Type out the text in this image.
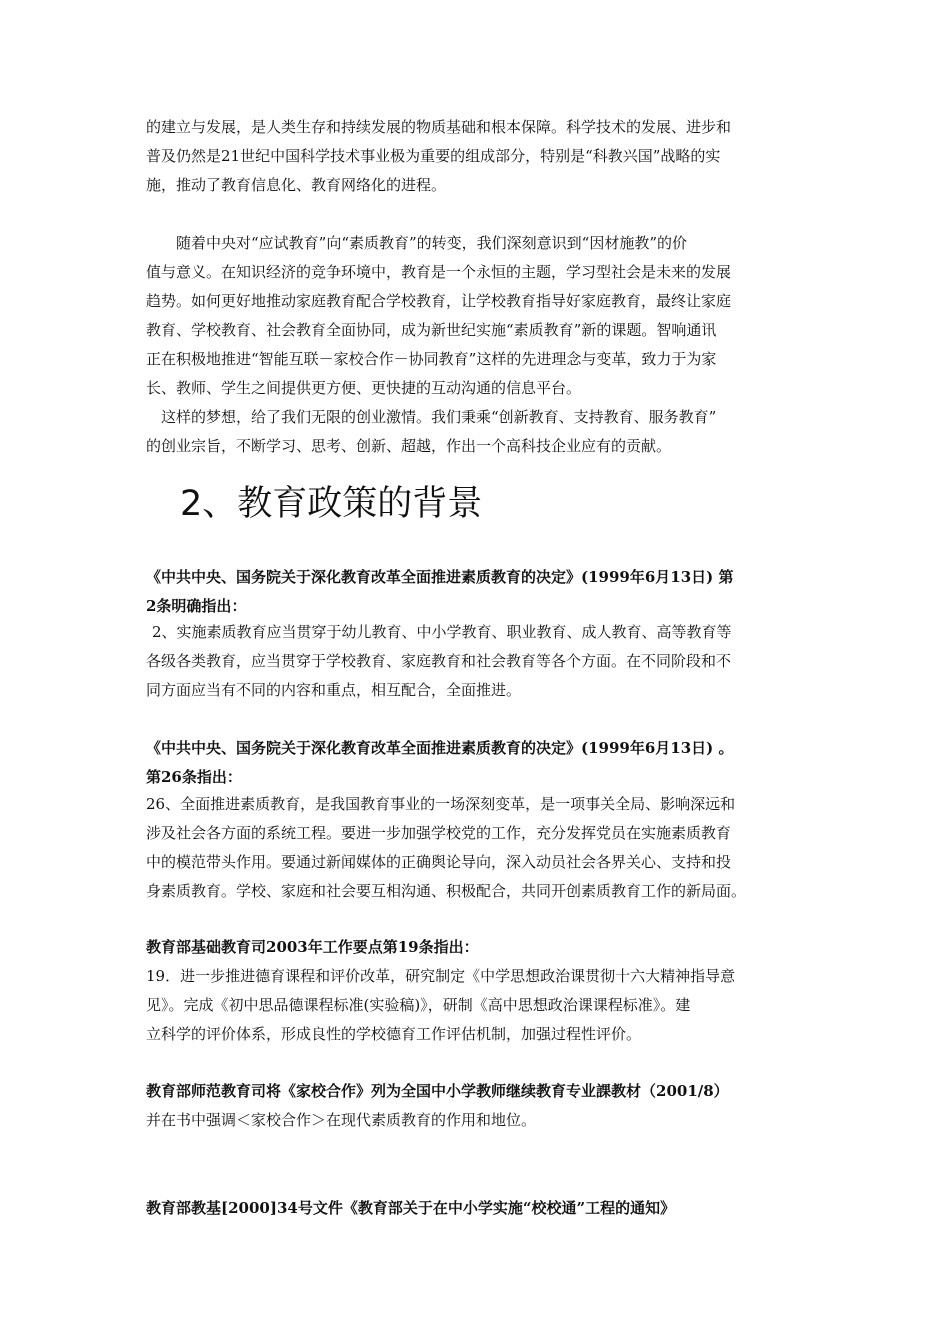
的建立与发展，是人类生存和持续发展的物质基础和根本保障。科学技术的发展、进步和
普及仍然是21世纪中国科学技术事业极为重要的组成部分，特别是“科教兴国”战略的实
施，推动了教育信息化、教育网络化的进程。

随着中央对“应试教育”向“素质教育”的转变，我们深刻意识到“因材施教”的价
值与意义。在知识经济的竞争环境中，教育是一个永恒的主题，学习型社会是未来的发展
趋势。如何更好地推动家庭教育配合学校教育，让学校教育指导好家庭教育，最终让家庭
教育、学校教育、社会教育全面协同，成为新世纪实施“素质教育”新的课题。智响通讯
正在积极地推进“智能互联－家校合作－协同教育”这样的先进理念与变革，致力于为家
长、教师、学生之间提供更方便、更快捷的互动沟通的信息平台。

这样的梦想，给了我们无限的创业激情。我们秉乘“创新教育、支持教育、服务教育”
的创业宗旨，不断学习、思考、创新、超越，作出一个高科技企业应有的贡献。

2、教育政策的背景

《中共中央、国务院关于深化教育改革全面推进素质教育的决定》(1999年6月13日) 第
2条明确指出：

2、实施素质教育应当贯穿于幼儿教育、中小学教育、职业教育、成人教育、高等教育等
各级各类教育，应当贯穿于学校教育、家庭教育和社会教育等各个方面。在不同阶段和不
同方面应当有不同的内容和重点，相互配合，全面推进。

《中共中央、国务院关于深化教育改革全面推进素质教育的决定》(1999年6月13日) 。
第26条指出：

26、全面推进素质教育，是我国教育事业的一场深刻变革，是一项事关全局、影响深远和
涉及社会各方面的系统工程。要进一步加强学校党的工作，充分发挥党员在实施素质教育
中的模范带头作用。要通过新闻媒体的正确舆论导向，深入动员社会各界关心、支持和投
身素质教育。学校、家庭和社会要互相沟通、积极配合，共同开创素质教育工作的新局面。

教育部基础教育司2003年工作要点第19条指出：

19．进一步推进德育课程和评价改革，研究制定《中学思想政治课贯彻十六大精神指导意
见》。完成《初中思品德课程标准(实验稿)》，研制《高中思想政治课课程标准》。建
立科学的评价体系，形成良性的学校德育工作评估机制，加强过程性评价。

教育部师范教育司将《家校合作》列为全国中小学教师继续教育专业課教材（2001/8）

并在书中强调＜家校合作＞在现代素质教育的作用和地位。

教育部教基[2000]34号文件《教育部关于在中小学实施“校校通”工程的通知》
